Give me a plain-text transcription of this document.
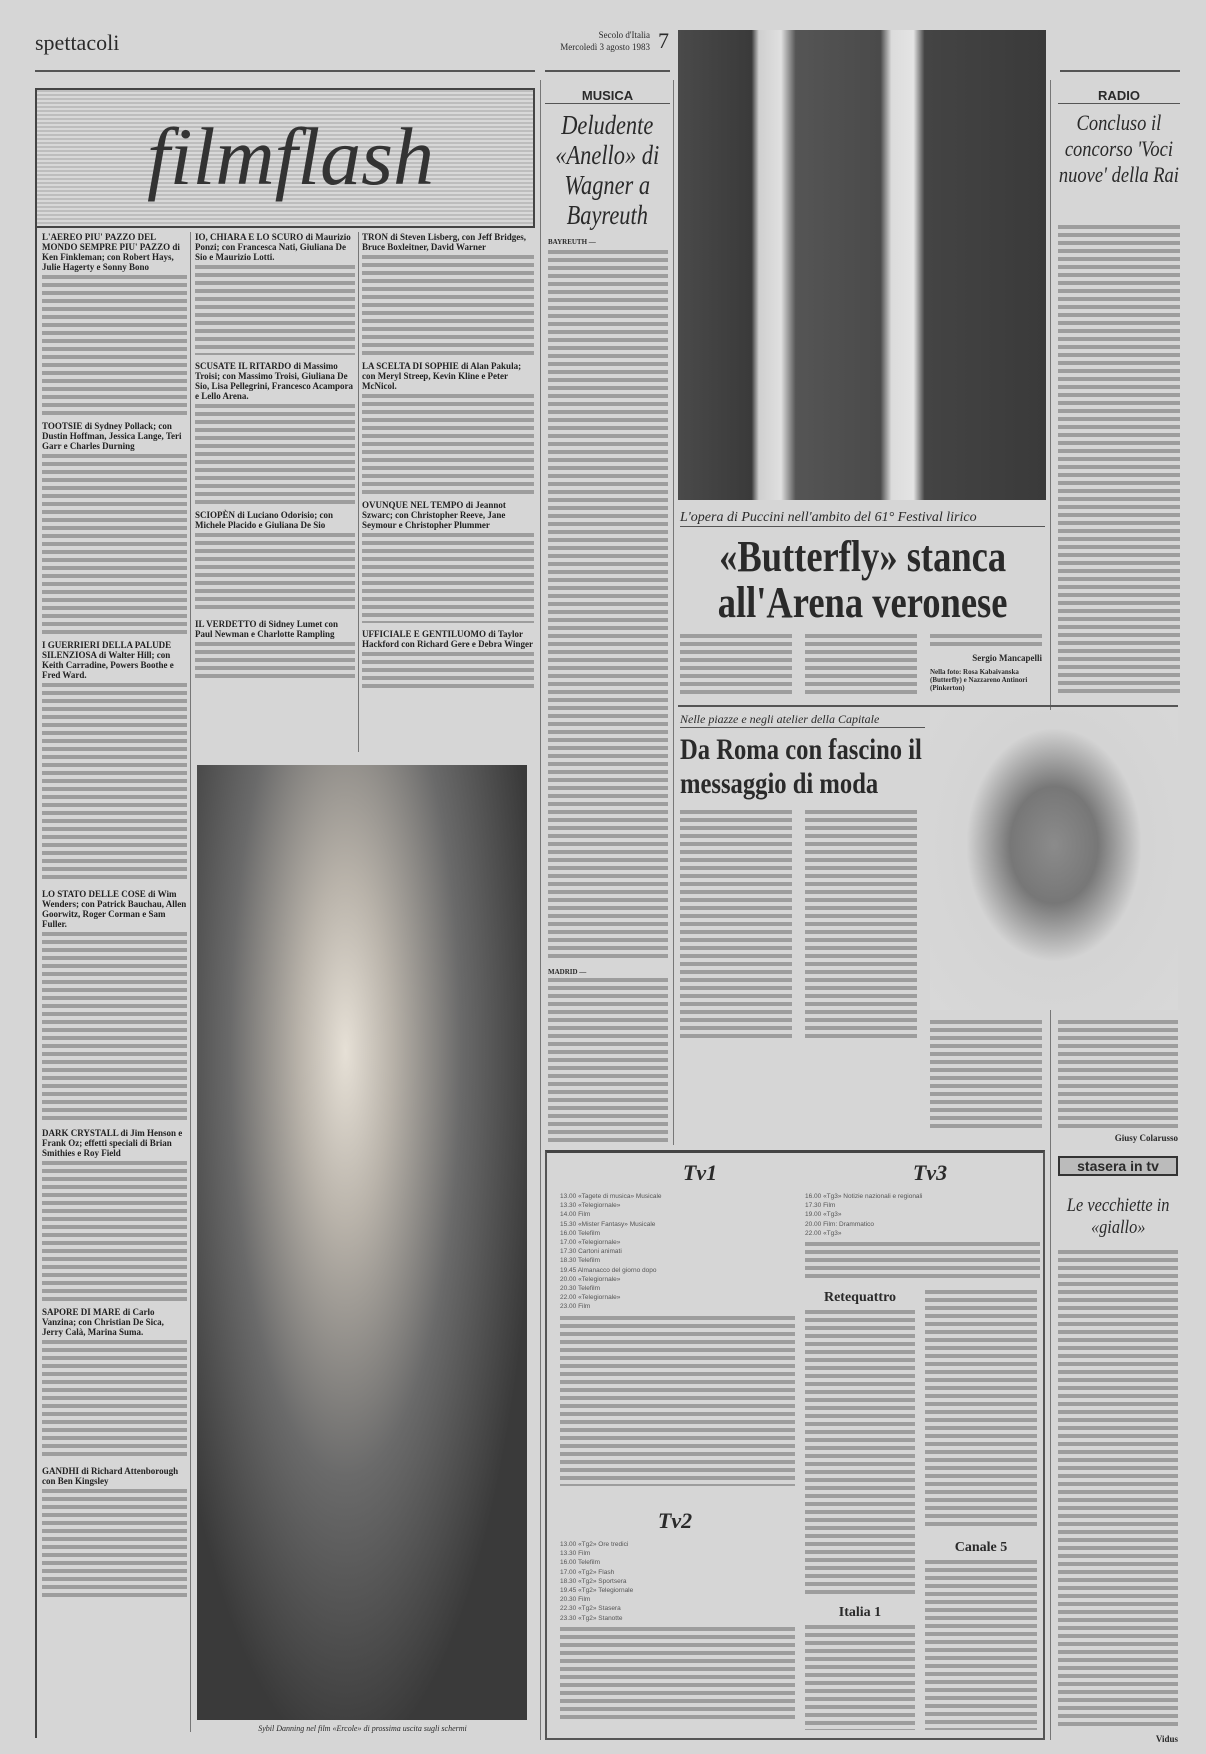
spettacoli	Secolo d'Italia
Mercoledì 3 agosto 1983 7
filmflash
L'AEREO PIU' PAZZO DEL MONDO SEMPRE PIU' PAZZO di Ken Finkleman; con Robert Hays, Julie Hagerty e Sonny Bono
TOOTSIE di Sydney Pollack; con Dustin Hoffman, Jessica Lange, Teri Garr e Charles Durning
I GUERRIERI DELLA PALUDE SILENZIOSA di Walter Hill; con Keith Carradine, Powers Boothe e Fred Ward.
LO STATO DELLE COSE di Wim Wenders; con Patrick Bauchau, Allen Goorwitz, Roger Corman e Sam Fuller.
DARK CRYSTALL di Jim Henson e Frank Oz; effetti speciali di Brian Smithies e Roy Field
SAPORE DI MARE di Carlo Vanzina; con Christian De Sica, Jerry Calà, Marina Suma.
GANDHI di Richard Attenborough con Ben Kingsley
IO, CHIARA E LO SCURO di Maurizio Ponzi; con Francesca Nati, Giuliana De Sio e Maurizio Lotti.
SCUSATE IL RITARDO di Massimo Troisi; con Massimo Troisi, Giuliana De Sio, Lisa Pellegrini, Francesco Acampora e Lello Arena.
SCIOPÈN di Luciano Odorisio; con Michele Placido e Giuliana De Sio
IL VERDETTO di Sidney Lumet con Paul Newman e Charlotte Rampling
TRON di Steven Lisberg, con Jeff Bridges, Bruce Boxleitner, David Warner
LA SCELTA DI SOPHIE di Alan Pakula; con Meryl Streep, Kevin Kline e Peter McNicol.
OVUNQUE NEL TEMPO di Jeannot Szwarc; con Christopher Reeve, Jane Seymour e Christopher Plummer
UFFICIALE E GENTILUOMO di Taylor Hackford con Richard Gere e Debra Winger
Sybil Danning nel film «Ercole» di prossima uscita sugli schermi
MUSICA
Deludente «Anello» di Wagner a Bayreuth
BAYREUTH —
MADRID —
L'opera di Puccini nell'ambito del 61° Festival lirico
«Butterfly» stanca all'Arena veronese
Sergio Mancapelli
Nella foto: Rosa Kabaivanska (Butterfly) e Nazzareno Antinori (Pinkerton)
RADIO
Concluso il concorso 'Voci nuove' della Rai
Nelle piazze e negli atelier della Capitale
Da Roma con fascino il messaggio di moda
Giusy Colarusso
Tv1
13.00 «Tagete di musica» Musicale
13.30 «Telegiornale»
14.00 Film
15.30 «Mister Fantasy» Musicale
16.00 Telefilm
17.00 «Telegiornale»
17.30 Cartoni animati
18.30 Telefilm
19.45 Almanacco del giorno dopo
20.00 «Telegiornale»
20.30 Telefilm
22.00 «Telegiornale»
23.00 Film
Tv3
16.00 «Tg3» Notizie nazionali e regionali
17.30 Film
19.00 «Tg3»
20.00 Film: Drammatico
22.00 «Tg3»
Retequattro
Canale 5
Italia 1
Tv2
13.00 «Tg2» Ore tredici
13.30 Film
16.00 Telefilm
17.00 «Tg2» Flash
18.30 «Tg2» Sportsera
19.45 «Tg2» Telegiornale
20.30 Film
22.30 «Tg2» Stasera
23.30 «Tg2» Stanotte
stasera in tv
Le vecchiette in «giallo»
Vidus
